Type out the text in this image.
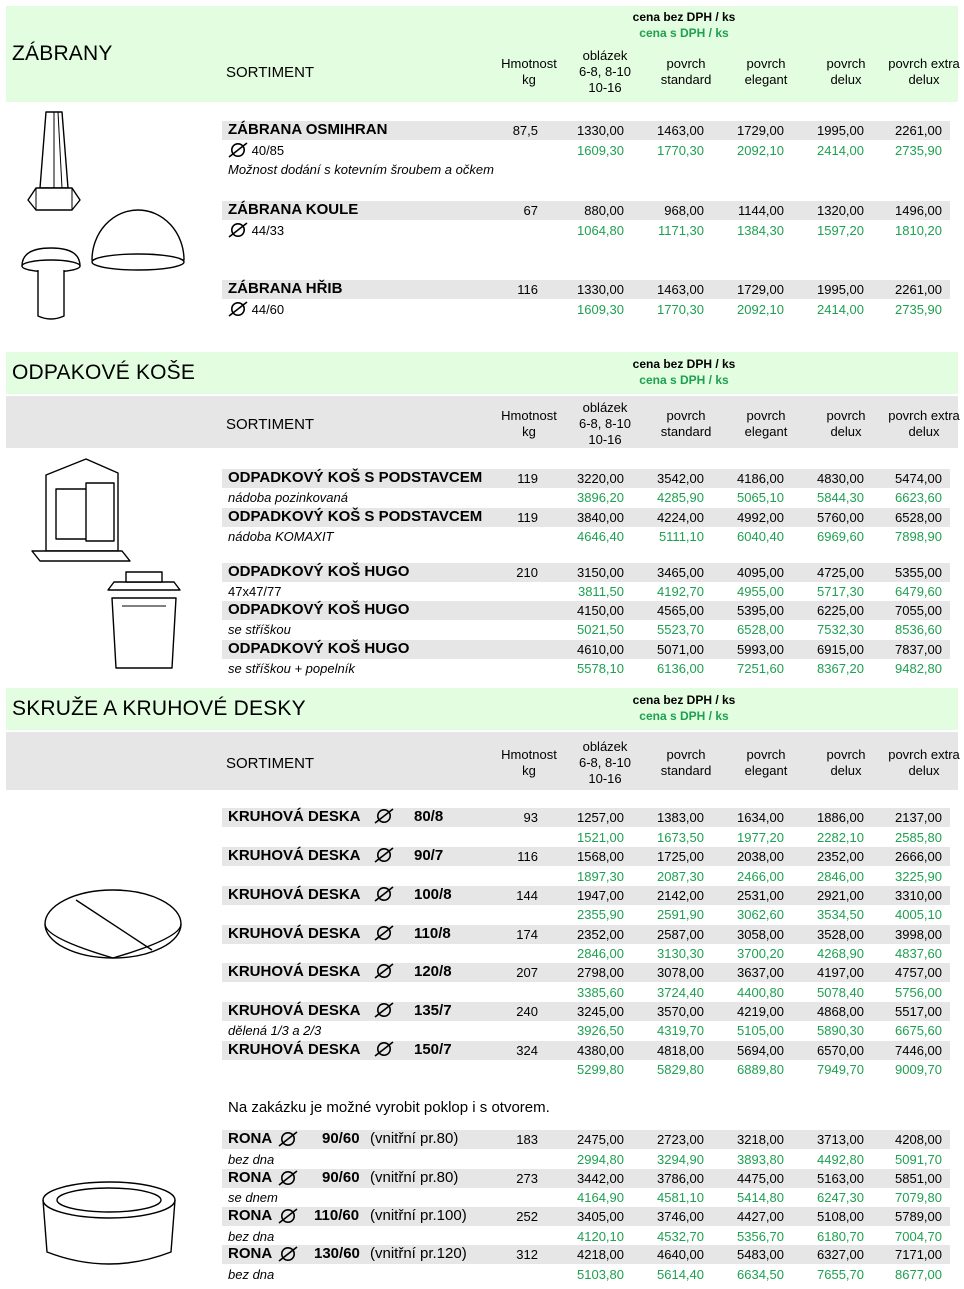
ZÁBRANY
cena bez DPH / ks
cena s DPH / ks
SORTIMENT
Hmotnost
kg
oblázek
6-8, 8-10
10-16
povrch
standard
povrch
elegant
povrch
delux
povrch extra
delux
ZÁBRANA OSMIHRAN	87,5	1330,00	1463,00	1729,00	1995,00	2261,00
40/85	1609,30	1770,30	2092,10	2414,00	2735,90
Možnost dodání s kotevním šroubem a očkem
ZÁBRANA KOULE	67	880,00	968,00	1144,00	1320,00	1496,00
44/33	1064,80	1171,30	1384,30	1597,20	1810,20
ZÁBRANA HŘIB	116	1330,00	1463,00	1729,00	1995,00	2261,00
44/60	1609,30	1770,30	2092,10	2414,00	2735,90
ODPAKOVÉ KOŠE	cena bez DPH / ks
cena s DPH / ks
SORTIMENT
Hmotnost
kg
oblázek
6-8, 8-10
10-16
povrch
standard
povrch
elegant
povrch
delux
povrch extra
delux
ODPADKOVÝ KOŠ S PODSTAVCEM	119	3220,00	3542,00	4186,00	4830,00	5474,00
nádoba pozinkovaná	3896,20	4285,90	5065,10	5844,30	6623,60
ODPADKOVÝ KOŠ S PODSTAVCEM	119	3840,00	4224,00	4992,00	5760,00	6528,00
nádoba KOMAXIT	4646,40	5111,10	6040,40	6969,60	7898,90
ODPADKOVÝ KOŠ HUGO	210	3150,00	3465,00	4095,00	4725,00	5355,00
47x47/77	3811,50	4192,70	4955,00	5717,30	6479,60
ODPADKOVÝ KOŠ HUGO	4150,00	4565,00	5395,00	6225,00	7055,00
se stříškou	5021,50	5523,70	6528,00	7532,30	8536,60
ODPADKOVÝ KOŠ HUGO	4610,00	5071,00	5993,00	6915,00	7837,00
se stříškou + popelník	5578,10	6136,00	7251,60	8367,20	9482,80
SKRUŽE A KRUHOVÉ DESKY	cena bez DPH / ks
cena s DPH / ks
SORTIMENT
Hmotnost
kg
oblázek
6-8, 8-10
10-16
povrch
standard
povrch
elegant
povrch
delux
povrch extra
delux
KRUHOVÁ DESKA	80/8	93	1257,00	1383,00	1634,00	1886,00	2137,00
1521,00	1673,50	1977,20	2282,10	2585,80
KRUHOVÁ DESKA	90/7	116	1568,00	1725,00	2038,00	2352,00	2666,00
1897,30	2087,30	2466,00	2846,00	3225,90
KRUHOVÁ DESKA	100/8	144	1947,00	2142,00	2531,00	2921,00	3310,00
2355,90	2591,90	3062,60	3534,50	4005,10
KRUHOVÁ DESKA	110/8	174	2352,00	2587,00	3058,00	3528,00	3998,00
2846,00	3130,30	3700,20	4268,90	4837,60
KRUHOVÁ DESKA	120/8	207	2798,00	3078,00	3637,00	4197,00	4757,00
3385,60	3724,40	4400,80	5078,40	5756,00
KRUHOVÁ DESKA	135/7	240	3245,00	3570,00	4219,00	4868,00	5517,00
dělená 1/3 a 2/3	3926,50	4319,70	5105,00	5890,30	6675,60
KRUHOVÁ DESKA	150/7	324	4380,00	4818,00	5694,00	6570,00	7446,00
5299,80	5829,80	6889,80	7949,70	9009,70
Na zakázku je možné vyrobit poklop i s otvorem.
RONA	90/60 (vnitřní pr.80)	183	2475,00	2723,00	3218,00	3713,00	4208,00
bez dna	2994,80	3294,90	3893,80	4492,80	5091,70
RONA	90/60 (vnitřní pr.80)	273	3442,00	3786,00	4475,00	5163,00	5851,00
se dnem	4164,90	4581,10	5414,80	6247,30	7079,80
RONA	110/60 (vnitřní pr.100)	252	3405,00	3746,00	4427,00	5108,00	5789,00
bez dna	4120,10	4532,70	5356,70	6180,70	7004,70
RONA	130/60 (vnitřní pr.120)	312	4218,00	4640,00	5483,00	6327,00	7171,00
bez dna	5103,80	5614,40	6634,50	7655,70	8677,00
